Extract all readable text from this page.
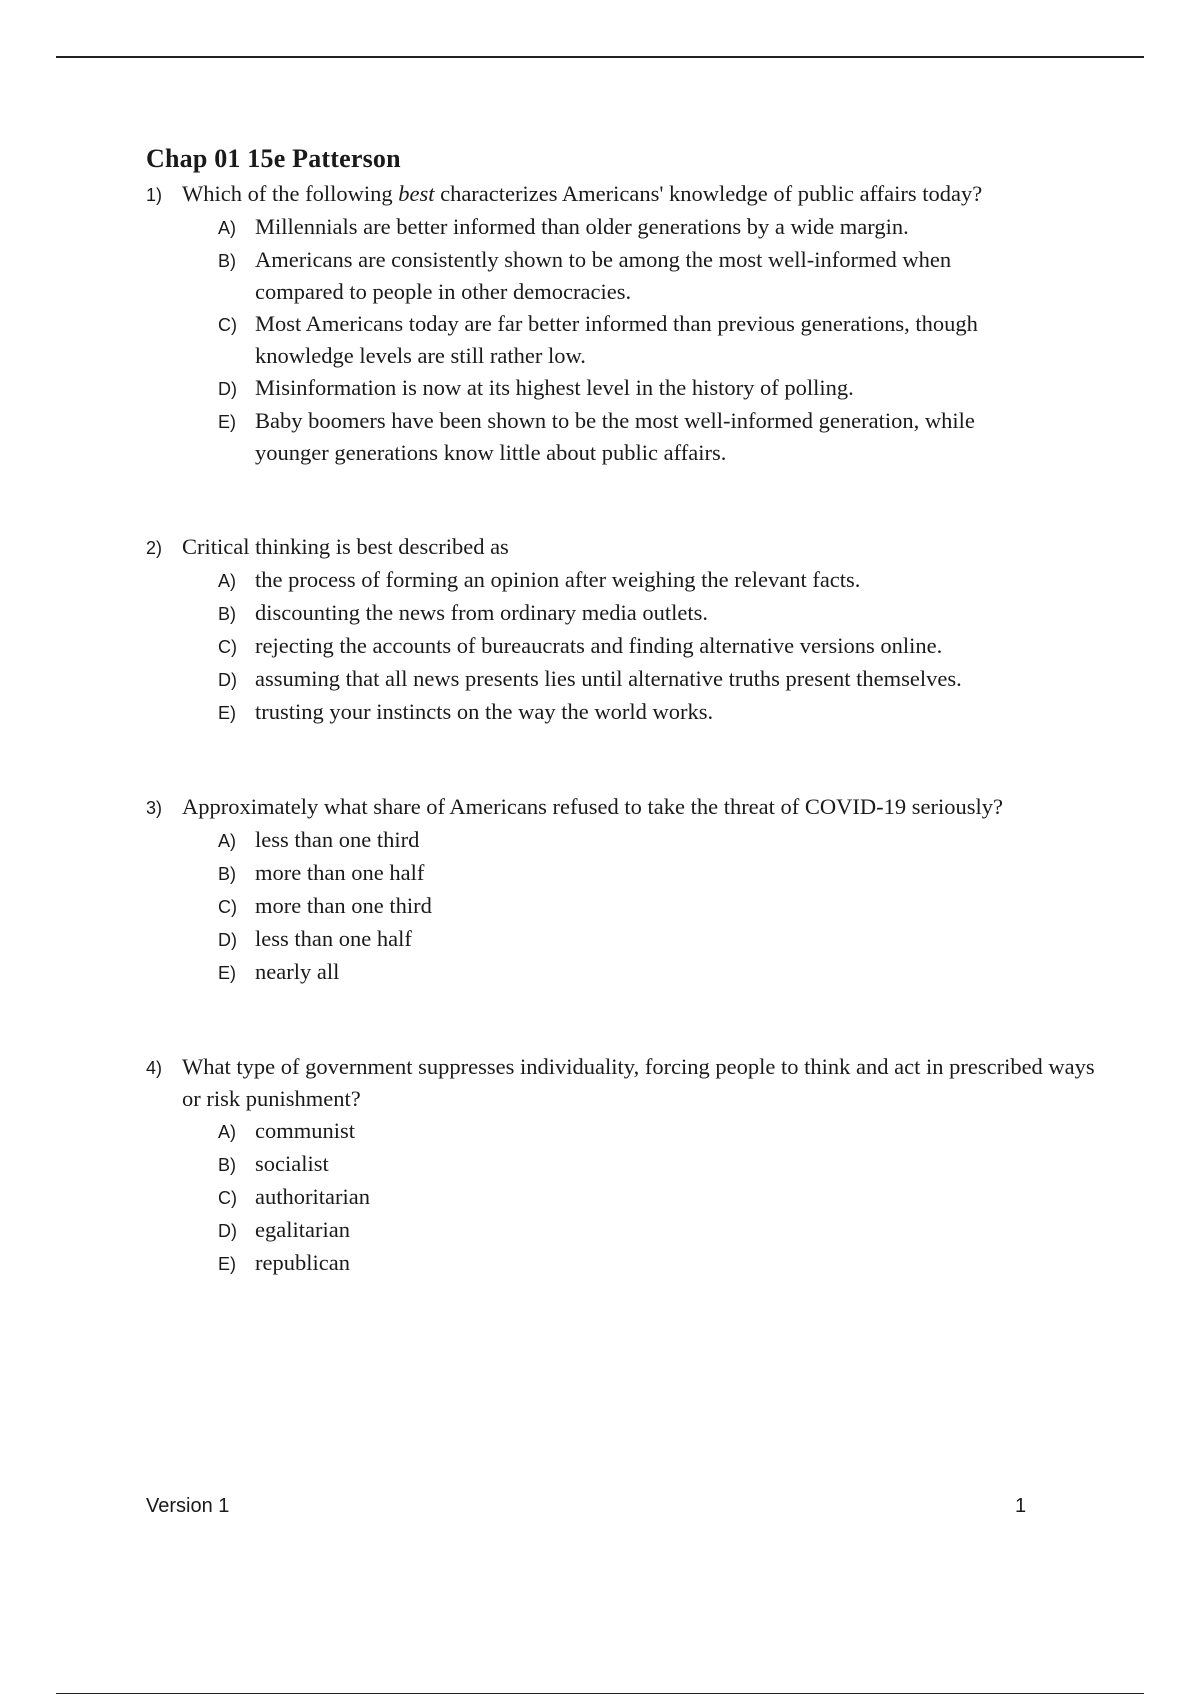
Chap 01 15e Patterson
1) Which of the following best characterizes Americans' knowledge of public affairs today?
A) Millennials are better informed than older generations by a wide margin.
B) Americans are consistently shown to be among the most well-informed when compared to people in other democracies.
C) Most Americans today are far better informed than previous generations, though knowledge levels are still rather low.
D) Misinformation is now at its highest level in the history of polling.
E) Baby boomers have been shown to be the most well-informed generation, while younger generations know little about public affairs.
2) Critical thinking is best described as
A) the process of forming an opinion after weighing the relevant facts.
B) discounting the news from ordinary media outlets.
C) rejecting the accounts of bureaucrats and finding alternative versions online.
D) assuming that all news presents lies until alternative truths present themselves.
E) trusting your instincts on the way the world works.
3) Approximately what share of Americans refused to take the threat of COVID-19 seriously?
A) less than one third
B) more than one half
C) more than one third
D) less than one half
E) nearly all
4) What type of government suppresses individuality, forcing people to think and act in prescribed ways or risk punishment?
A) communist
B) socialist
C) authoritarian
D) egalitarian
E) republican
Version 1	1
